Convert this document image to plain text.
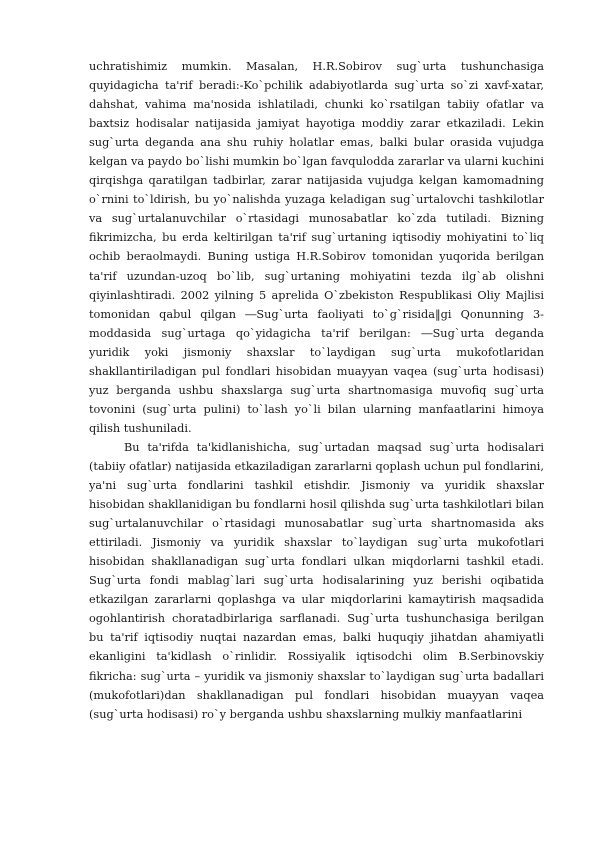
uchratishimiz mumkin. Masalan, H.R.Sobirov sug`urta tushunchasiga quyidagicha ta'rif beradi:-Ko`pchilik adabiyotlarda sug`urta so`zi xavf-xatar, dahshat, vahima ma'nosida ishlatiladi, chunki ko`rsatilgan tabiiy ofatlar va baxtsiz hodisalar natijasida jamiyat hayotiga moddiy zarar etkaziladi. Lekin sug`urta deganda ana shu ruhiy holatlar emas, balki bular orasida vujudga kelgan va paydo bo`lishi mumkin bo`lgan favqulodda zararlar va ularni kuchini qirqishga qaratilgan tadbirlar, zarar natijasida vujudga kelgan kamomadning o`rnini to`ldirish, bu yo`nalishda yuzaga keladigan sug`urtalovchi tashkilotlar va sug`urtalanuvchilar o`rtasidagi munosabatlar ko`zda tutiladi. Bizning fikrimizcha, bu erda keltirilgan ta'rif sug`urtaning iqtisodiy mohiyatini to`liq ochib beraolmaydi. Buning ustiga H.R.Sobirov tomonidan yuqorida berilgan ta'rif uzundan-uzoq bo`lib, sug`urtaning mohiyatini tezda ilg`ab olishni qiyinlashtiradi. 2002 yilning 5 aprelida O`zbekiston Respublikasi Oliy Majlisi tomonidan qabul qilgan ―Sug`urta faoliyati to`g`risida‖gi Qonunning 3- moddasida sug`urtaga qo`yidagicha ta'rif berilgan: ―Sug`urta deganda yuridik yoki jismoniy shaxslar to`laydigan sug`urta mukofotlaridan shakllantiriladigan pul fondlari hisobidan muayyan vaqea (sug`urta hodisasi) yuz berganda ushbu shaxslarga sug`urta shartnomasiga muvofiq sug`urta tovonini (sug`urta pulini) to`lash yo`li bilan ularning manfaatlarini himoya qilish tushuniladi.

Bu ta'rifda ta'kidlanishicha, sug`urtadan maqsad sug`urta hodisalari (tabiiy ofatlar) natijasida etkaziladigan zararlarni qoplash uchun pul fondlarini, ya'ni sug`urta fondlarini tashkil etishdir. Jismoniy va yuridik shaxslar hisobidan shakllanidigan bu fondlarni hosil qilishda sug`urta tashkilotlari bilan sug`urtalanuvchilar o`rtasidagi munosabatlar sug`urta shartnomasida aks ettiriladi. Jismoniy va yuridik shaxslar to`laydigan sug`urta mukofotlari hisobidan shakllanadigan sug`urta fondlari ulkan miqdorlarni tashkil etadi. Sug`urta fondi mablag`lari sug`urta hodisalarining yuz berishi oqibatida etkazilgan zararlarni qoplashga va ular miqdorlarini kamaytirish maqsadida ogohlantirish choratadbirlariga sarflanadi. Sug`urta tushunchasiga berilgan bu ta'rif iqtisodiy nuqtai nazardan emas, balki huquqiy jihatdan ahamiyatli ekanligini ta'kidlash o`rinlidir. Rossiyalik iqtisodchi olim B.Serbinovskiy fikricha: sug`urta – yuridik va jismoniy shaxslar to`laydigan sug`urta badallari (mukofotlari)dan shakllanadigan pul fondlari hisobidan muayyan vaqea (sug`urta hodisasi) ro`y berganda ushbu shaxslarning mulkiy manfaatlarini
